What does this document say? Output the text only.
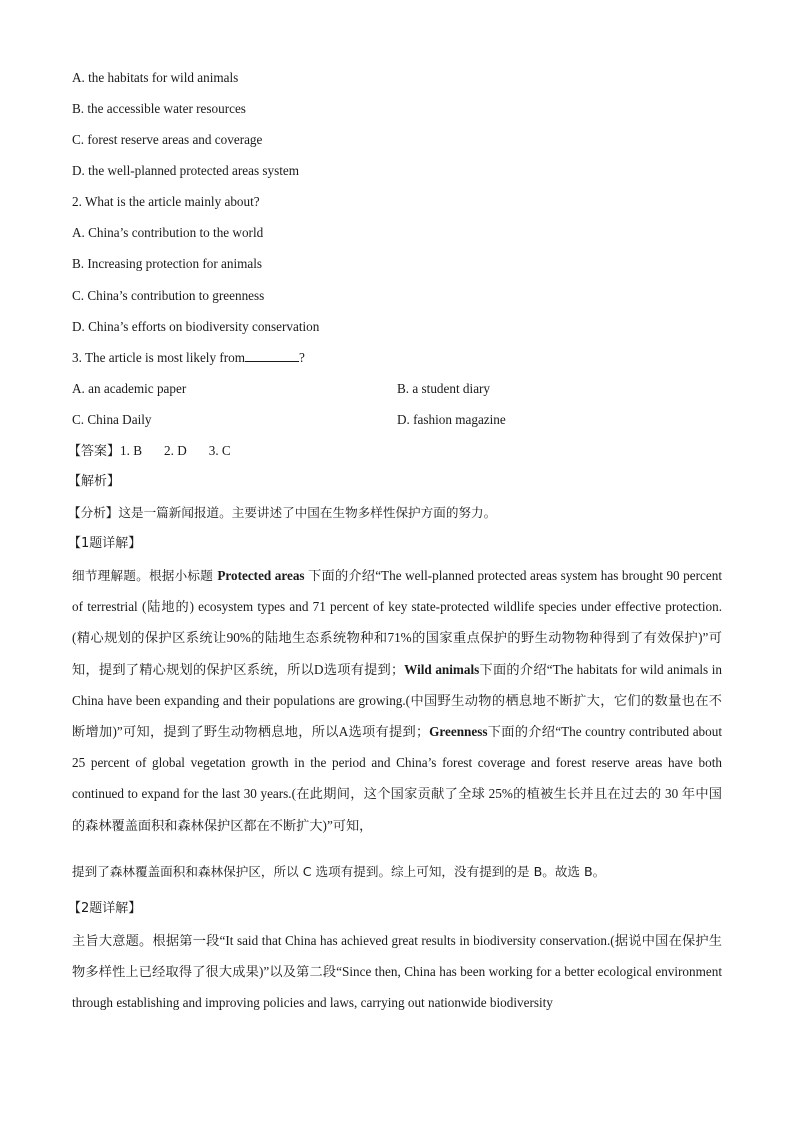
A. the habitats for wild animals
B. the accessible water resources
C. forest reserve areas and coverage
D. the well-planned protected areas system
2. What is the article mainly about?
A. China’s contribution to the world
B. Increasing protection for animals
C. China’s contribution to greenness
D. China’s efforts on biodiversity conservation
3. The article is most likely from	?
A. an academic paper	B. a student diary
C. China Daily	D. fashion magazine
【答案】1. B 2. D 3. C
【解析】
【分析】这是一篇新闻报道。主要讲述了中国在生物多样性保护方面的努力。
【1题详解】
细节理解题。根据小标题 Protected areas 下面的介绍“The well-planned protected areas system has brought 90 percent of terrestrial (陆地的) ecosystem types and 71 percent of key state-protected wildlife species under effective protection.(精心规划的保护区系统让90%的陆地生态系统物种和71%的国家重点保护的野生动物物种得到了有效保护)”可知，提到了精心规划的保护区系统，所以D选项有提到；Wild animals下面的介绍“The habitats for wild animals in China have been expanding and their populations are growing.(中国野生动物的栖息地不断扩大，它们的数量也在不断增加)”可知，提到了野生动物栖息地，所以A选项有提到；Greenness下面的介绍“The country contributed about 25 percent of global vegetation growth in the period and China’s forest coverage and forest reserve areas have both continued to expand for the last 30 years.(在此期间，这个国家贡献了全球 25%的植被生长并且在过去的 30 年中国的森林覆盖面积和森林保护区都在不断扩大)”可知，
提到了森林覆盖面积和森林保护区，所以 C 选项有提到。综上可知，没有提到的是 B。故选 B。
【2题详解】
主旨大意题。根据第一段“It said that China has achieved great results in biodiversity conservation.(据说中国在保护生物多样性上已经取得了很大成果)”以及第二段“Since then, China has been working for a better ecological environment through establishing and improving policies and laws, carrying out nationwide biodiversity
